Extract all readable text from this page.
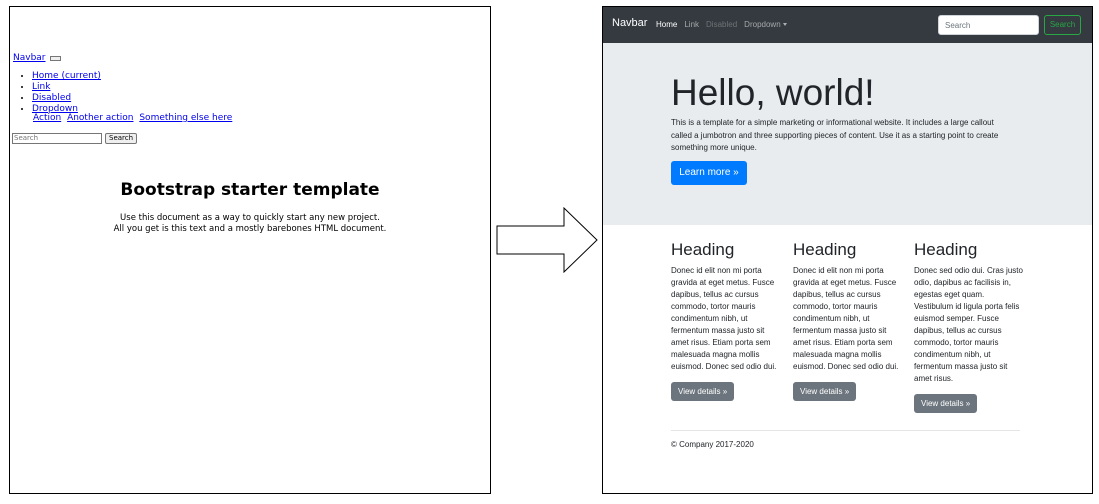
Navbar
• Home (current)
• Link
• Disabled
• Dropdown
Action Another action Something else here
Search	Search
Bootstrap starter template
Use this document as a way to quickly start any new project.
All you get is this text and a mostly barebones HTML document.
Navbar Home Link Disabled Dropdown	Search	Search
Hello, world!
This is a template for a simple marketing or informational website. It includes a large callout called a jumbotron and three supporting pieces of content. Use it as a starting point to create something more unique.
Learn more »
Heading
Donec id elit non mi porta gravida at eget metus. Fusce dapibus, tellus ac cursus commodo, tortor mauris condimentum nibh, ut fermentum massa justo sit amet risus. Etiam porta sem malesuada magna mollis euismod. Donec sed odio dui.
View details »
Heading
Donec id elit non mi porta gravida at eget metus. Fusce dapibus, tellus ac cursus commodo, tortor mauris condimentum nibh, ut fermentum massa justo sit amet risus. Etiam porta sem malesuada magna mollis euismod. Donec sed odio dui.
View details »
Heading
Donec sed odio dui. Cras justo odio, dapibus ac facilisis in, egestas eget quam. Vestibulum id ligula porta felis euismod semper. Fusce dapibus, tellus ac cursus commodo, tortor mauris condimentum nibh, ut fermentum massa justo sit amet risus.
View details »
© Company 2017-2020
